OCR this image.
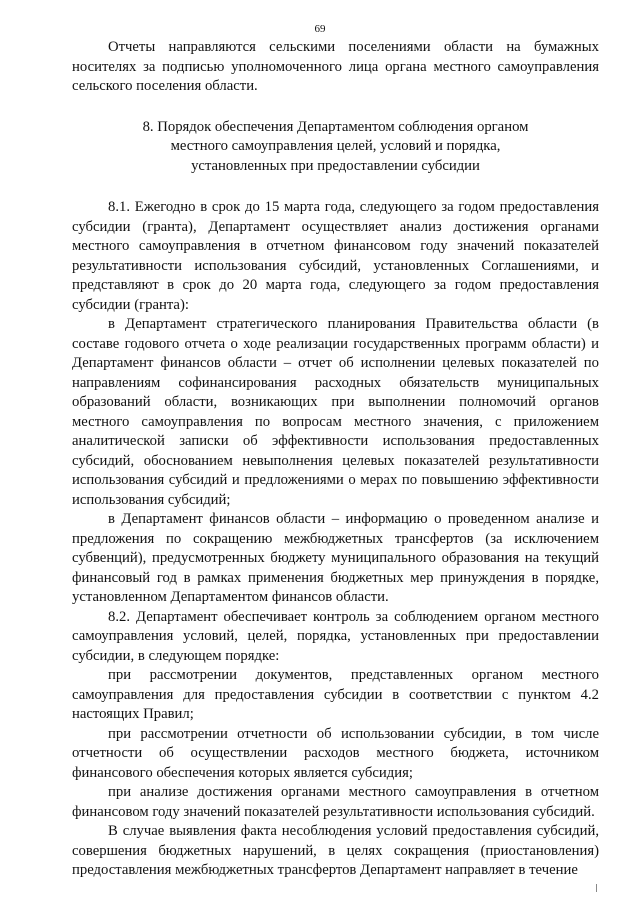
69

Отчеты направляются сельскими поселениями области на бумажных носителях за подписью уполномоченного лица органа местного самоуправления сельского поселения области.

8. Порядок обеспечения Департаментом соблюдения органом
местного самоуправления целей, условий и порядка,
установленных при предоставлении субсидии

8.1. Ежегодно в срок до 15 марта года, следующего за годом предоставления субсидии (гранта), Департамент осуществляет анализ достижения органами местного самоуправления в отчетном финансовом году значений показателей результативности использования субсидий, установленных Соглашениями, и представляют в срок до 20 марта года, следующего за годом предоставления субсидии (гранта):

в Департамент стратегического планирования Правительства области (в составе годового отчета о ходе реализации государственных программ области) и Департамент финансов области – отчет об исполнении целевых показателей по направлениям софинансирования расходных обязательств муниципальных образований области, возникающих при выполнении полномочий органов местного самоуправления по вопросам местного значения, с приложением аналитической записки об эффективности использования предоставленных субсидий, обоснованием невыполнения целевых показателей результативности использования субсидий и предложениями о мерах по повышению эффективности использования субсидий;

в Департамент финансов области – информацию о проведенном анализе и предложения по сокращению межбюджетных трансфертов (за исключением субвенций), предусмотренных бюджету муниципального образования на текущий финансовый год в рамках применения бюджетных мер принуждения в порядке, установленном Департаментом финансов области.

8.2. Департамент обеспечивает контроль за соблюдением органом местного самоуправления условий, целей, порядка, установленных при предоставлении субсидии, в следующем порядке:

при рассмотрении документов, представленных органом местного самоуправления для предоставления субсидии в соответствии с пунктом 4.2 настоящих Правил;

при рассмотрении отчетности об использовании субсидии, в том числе отчетности об осуществлении расходов местного бюджета, источником финансового обеспечения которых является субсидия;

при анализе достижения органами местного самоуправления в отчетном финансовом году значений показателей результативности использования субсидий.

В случае выявления факта несоблюдения условий предоставления субсидий, совершения бюджетных нарушений, в целях сокращения (приостановления) предоставления межбюджетных трансфертов Департамент направляет в течение
